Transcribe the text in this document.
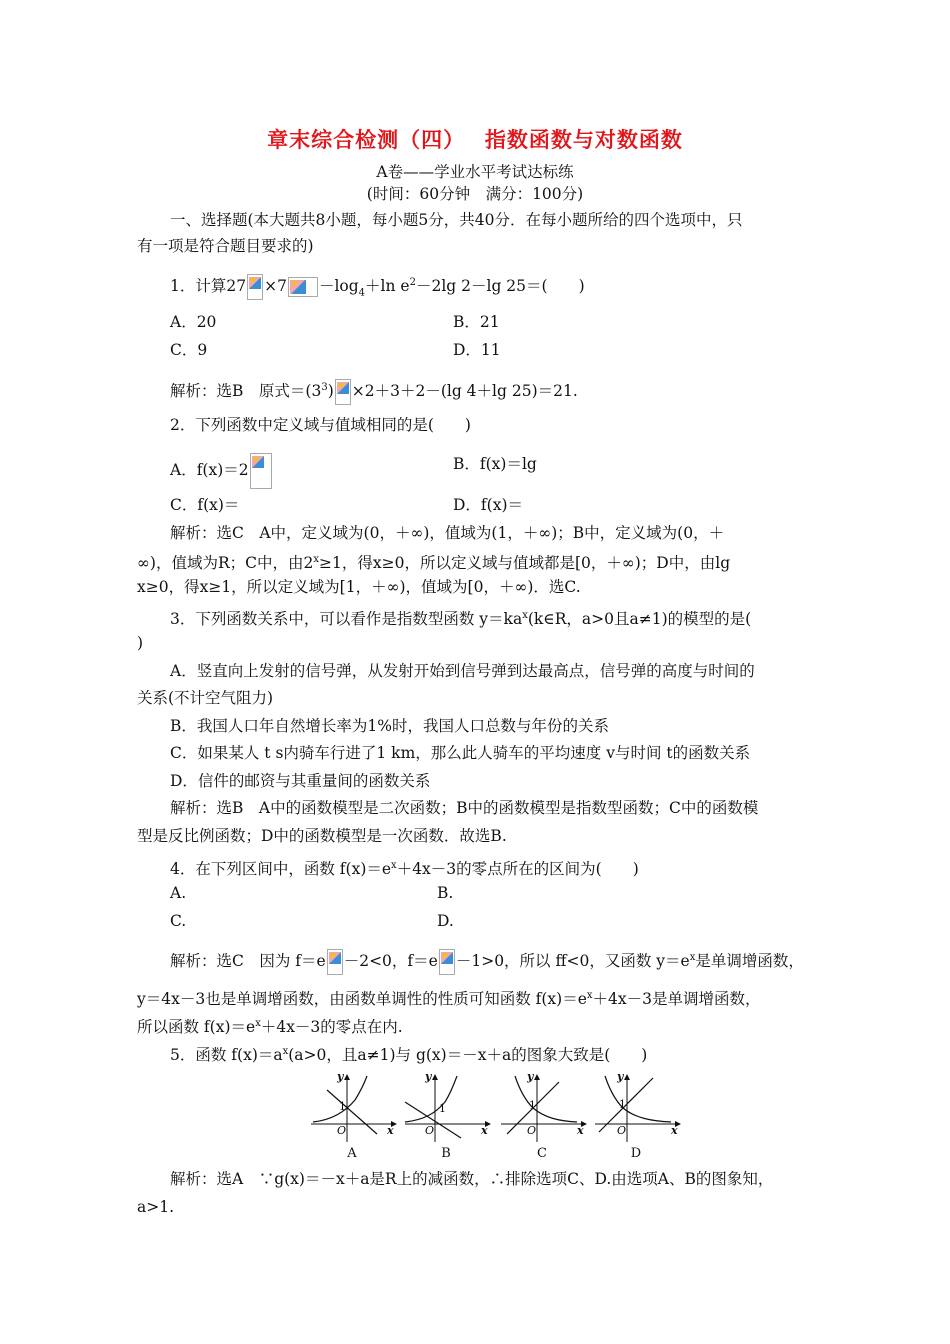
章末综合检测（四）　 指数函数与对数函数
A卷——学业水平考试达标练
(时间：60分钟　满分：100分)
一、选择题(本大题共8小题，每小题5分，共40分．在每小题所给的四个选项中，只
有一项是符合题目要求的)
1．计算$27 \times 7 -\log_4+\ln$ $e^2-2\lg$ 2－lg 25＝(　　)
A．20	B．21
C．9	D．11
解析：选B　原式$=(3^3) \times 2+3+2-(\lg$ 4＋lg 25)＝21.
2．下列函数中定义域与值域相同的是(　　)
A．f(x)＝2	B．f(x)＝lg
C．f(x)＝	D．f(x)＝
解析：选C　A中，定义域为(0，＋∞)，值域为(1，＋∞)；B中，定义域为(0，＋
∞)，值域为R；C中，由$2^x\ge 1$，得x≥0，所以定义域与值域都是[0，＋∞)；D中，由lg
x≥0，得x≥1，所以定义域为[1，＋∞)，值域为[0，＋∞)．选C.
3．下列函数关系中，可以看作是指数型函数 $y=ka^x(k\in R$，a>0且a≠1)的模型的是(
)
A．竖直向上发射的信号弹，从发射开始到信号弹到达最高点，信号弹的高度与时间的
关系(不计空气阻力)
B．我国人口年自然增长率为1%时，我国人口总数与年份的关系
C．如果某人 t s内骑车行进了1 km，那么此人骑车的平均速度 v与时间 t的函数关系
D．信件的邮资与其重量间的函数关系
解析：选B　A中的函数模型是二次函数；B中的函数模型是指数型函数；C中的函数模
型是反比例函数；D中的函数模型是一次函数．故选B.
4．在下列区间中，函数 $f(x)=e^x+4x-3$的零点所在的区间为(　　)
A.	B.
C.	D.
解析：选C　因为 f＝e －2<0，f＝e －1>0，所以 ff<0，又函数 $y=e^x$是单调增函数，
y＝4x－3也是单调增函数，由函数单调性的性质可知函数 $f(x)=e^x+4x-3$是单调增函数，
所以函数 $f(x)=e^x+4x-3$的零点在内.
5．函数 $f(x)=a^x(a>0$，且a≠1)与 g(x)＝－x＋a的图象大致是(　　)
y
x
O
1
A
y
x
O
1
B
y
x
O
1
C
y
x
O
1
D
解析：选A　∵g(x)＝－x＋a是R上的减函数，∴排除选项C、D.由选项A、B的图象知，
a>1.
